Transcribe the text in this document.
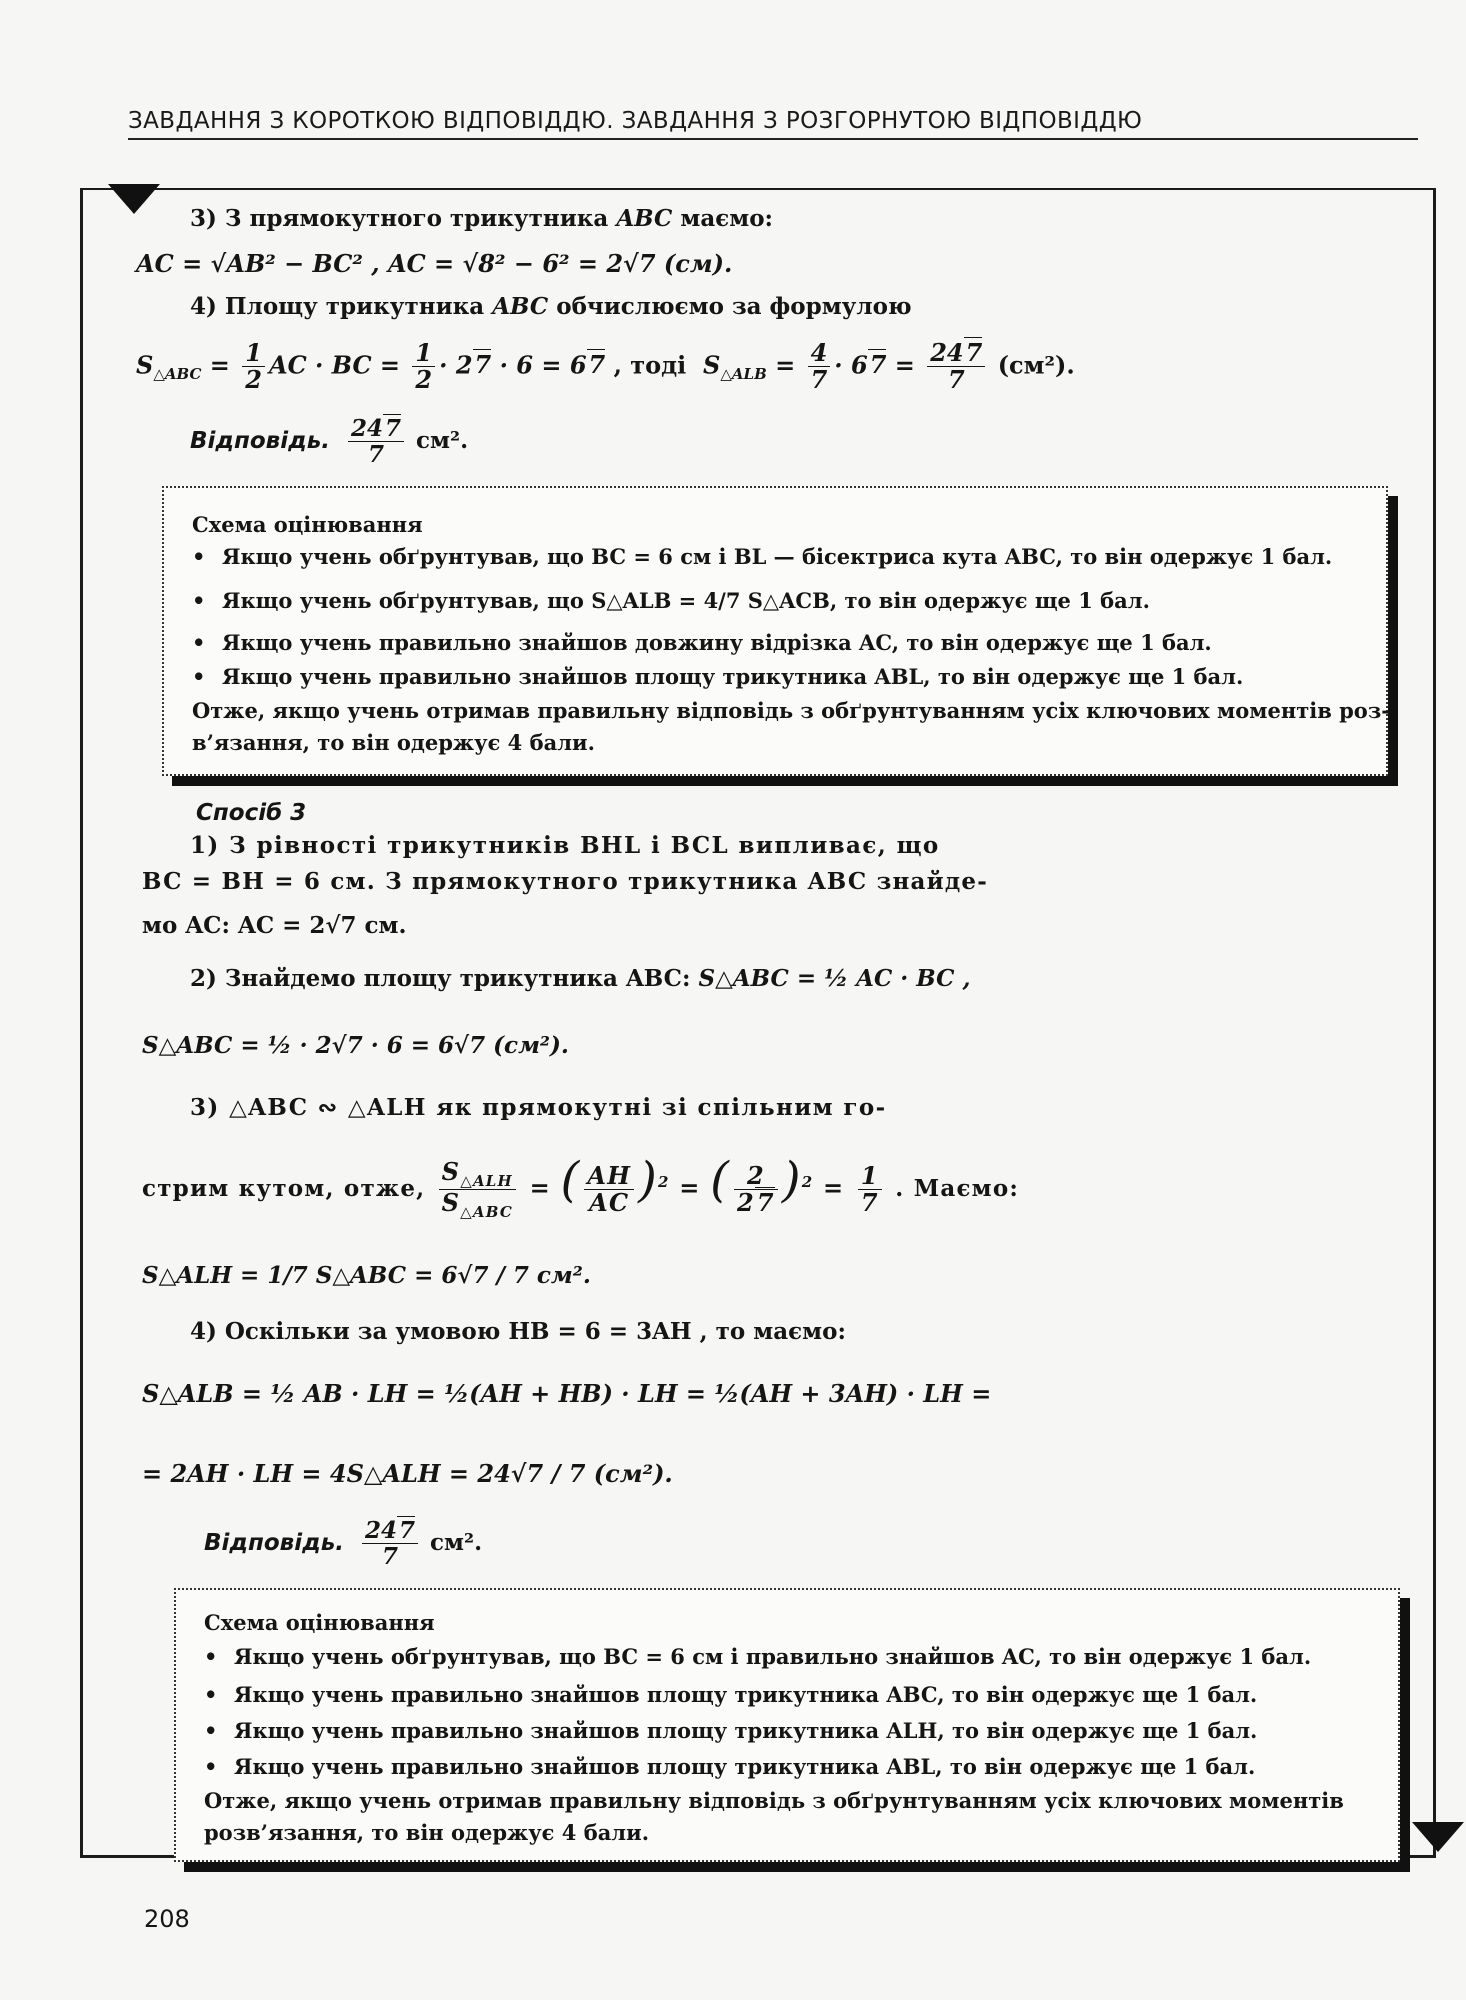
ЗАВДАННЯ З КОРОТКОЮ ВІДПОВІДДЮ. ЗАВДАННЯ З РОЗГОРНУТОЮ ВІДПОВІДДЮ
3) З прямокутного трикутника ABC маємо:
AC = √AB² − BC² , AC = √8² − 6² = 2√7 (см).
4) Площу трикутника ABC обчислюємо за формулою
$S_{\triangle ABC} = \frac{1}{2}$ AC · BC = $\frac{1}{2} \cdot 27 \cdot 6 = 67$ , тоді  $S_{\triangle ALB} = \frac{4}{7} \cdot 67 = \frac{247}{7} (см^2)$.
Відповідь. $\frac{247}{7} см^2$.
Схема оцінювання
• Якщо учень обґрунтував, що BC = 6 см і BL — бісектриса кута ABC, то він одержує 1 бал.
• Якщо учень обґрунтував, що S△ALB = 4/7 S△ACB, то він одержує ще 1 бал.
• Якщо учень правильно знайшов довжину відрізка AC, то він одержує ще 1 бал.
• Якщо учень правильно знайшов площу трикутника ABL, то він одержує ще 1 бал.
Отже, якщо учень отримав правильну відповідь з обґрунтуванням усіх ключових моментів роз-
в’язання, то він одержує 4 бали.
Спосіб 3
1) З рівності трикутників BHL і BCL випливає, що
BC = BH = 6 см. З прямокутного трикутника ABC знайде-
мо AC: AC = 2√7 см.
2) Знайдемо площу трикутника ABC: S△ABC = ½ AC · BC ,
S△ABC = ½ · 2√7 · 6 = 6√7 (см²).
3) △ABC ∾ △ALH як прямокутні зі спільним го-
стрим кутом, отже, $\frac{S_{\triangle ALH}}{S_{\triangle ABC}}$ = ( $\frac{AH}{AC} )^2$ = ( $\frac{2}{27} )^2 = \frac{1}{7}$ . Маємо:
S△ALH = 1/7 S△ABC = 6√7 / 7 см².
4) Оскільки за умовою HB = 6 = 3AH , то маємо:
S△ALB = ½ AB · LH = ½(AH + HB) · LH = ½(AH + 3AH) · LH =
= 2AH · LH = 4S△ALH = 24√7 / 7 (см²).
Відповідь. $\frac{247}{7} см^2$.
Схема оцінювання
• Якщо учень обґрунтував, що BC = 6 см і правильно знайшов AC, то він одержує 1 бал.
• Якщо учень правильно знайшов площу трикутника ABC, то він одержує ще 1 бал.
• Якщо учень правильно знайшов площу трикутника ALH, то він одержує ще 1 бал.
• Якщо учень правильно знайшов площу трикутника ABL, то він одержує ще 1 бал.
Отже, якщо учень отримав правильну відповідь з обґрунтуванням усіх ключових моментів
розв’язання, то він одержує 4 бали.
208
